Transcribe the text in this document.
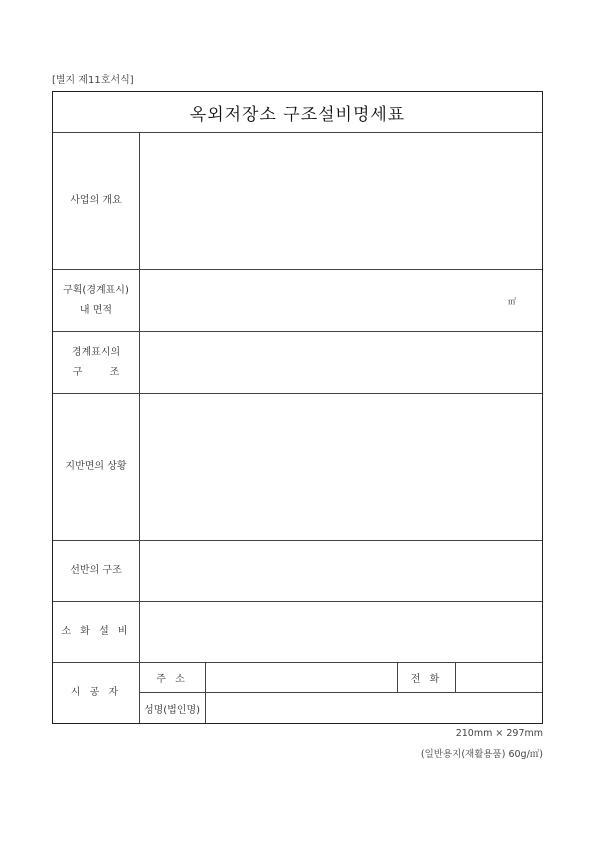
[별지 제11호서식]
옥외저장소 구조설비명세표
사업의 개요
구획(경계표시)
내 면적
㎡
경계표시의
구 조
지반면의 상황
선반의 구조
소 화 설 비
시 공 자
주 소	전 화
성명(법인명)
210mm × 297mm
(일반용지(재활용품) 60g/㎡)
